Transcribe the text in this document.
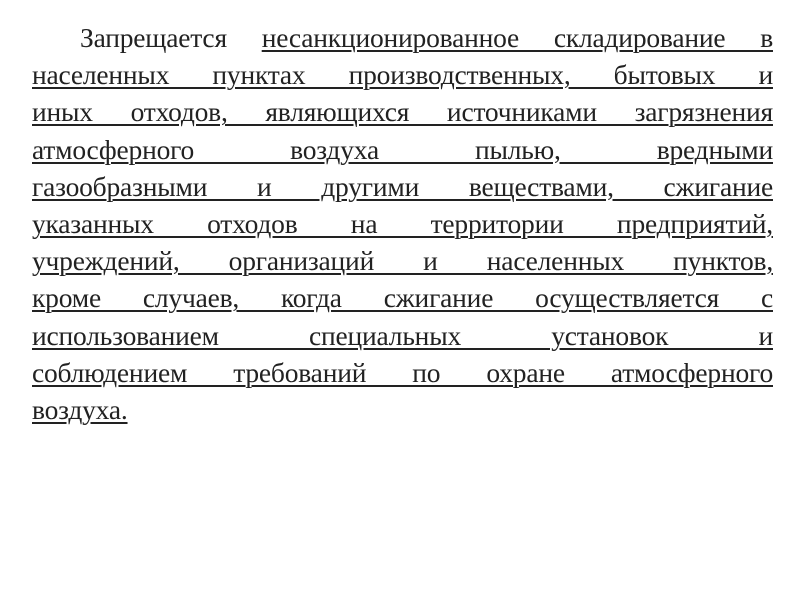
Запрещается несанкционированное складирование в
населенных пунктах производственных, бытовых и
иных отходов, являющихся источниками загрязнения
атмосферного воздуха пылью, вредными
газообразными и другими веществами, сжигание
указанных отходов на территории предприятий,
учреждений, организаций и населенных пунктов,
кроме случаев, когда сжигание осуществляется с
использованием специальных установок и
соблюдением требований по охране атмосферного
воздуха.
